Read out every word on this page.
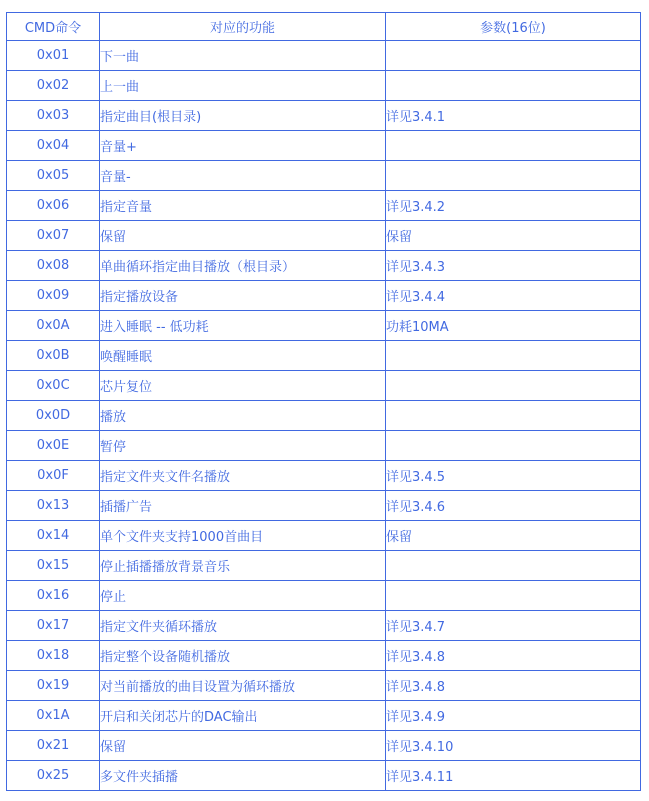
CMD命令	对应的功能	参数(16位)
0x01	下一曲	
0x02	上一曲	
0x03	指定曲目(根目录)	详见3.4.1
0x04	音量+	
0x05	音量-	
0x06	指定音量	详见3.4.2
0x07	保留	保留
0x08	单曲循环指定曲目播放（根目录）	详见3.4.3
0x09	指定播放设备	详见3.4.4
0x0A	进入睡眠 -- 低功耗	功耗10MA
0x0B	唤醒睡眠	
0x0C	芯片复位	
0x0D	播放	
0x0E	暂停	
0x0F	指定文件夹文件名播放	详见3.4.5
0x13	插播广告	详见3.4.6
0x14	单个文件夹支持1000首曲目	保留
0x15	停止插播播放背景音乐	
0x16	停止	
0x17	指定文件夹循环播放	详见3.4.7
0x18	指定整个设备随机播放	详见3.4.8
0x19	对当前播放的曲目设置为循环播放	详见3.4.8
0x1A	开启和关闭芯片的DAC输出	详见3.4.9
0x21	保留	详见3.4.10
0x25	多文件夹插播	详见3.4.11
